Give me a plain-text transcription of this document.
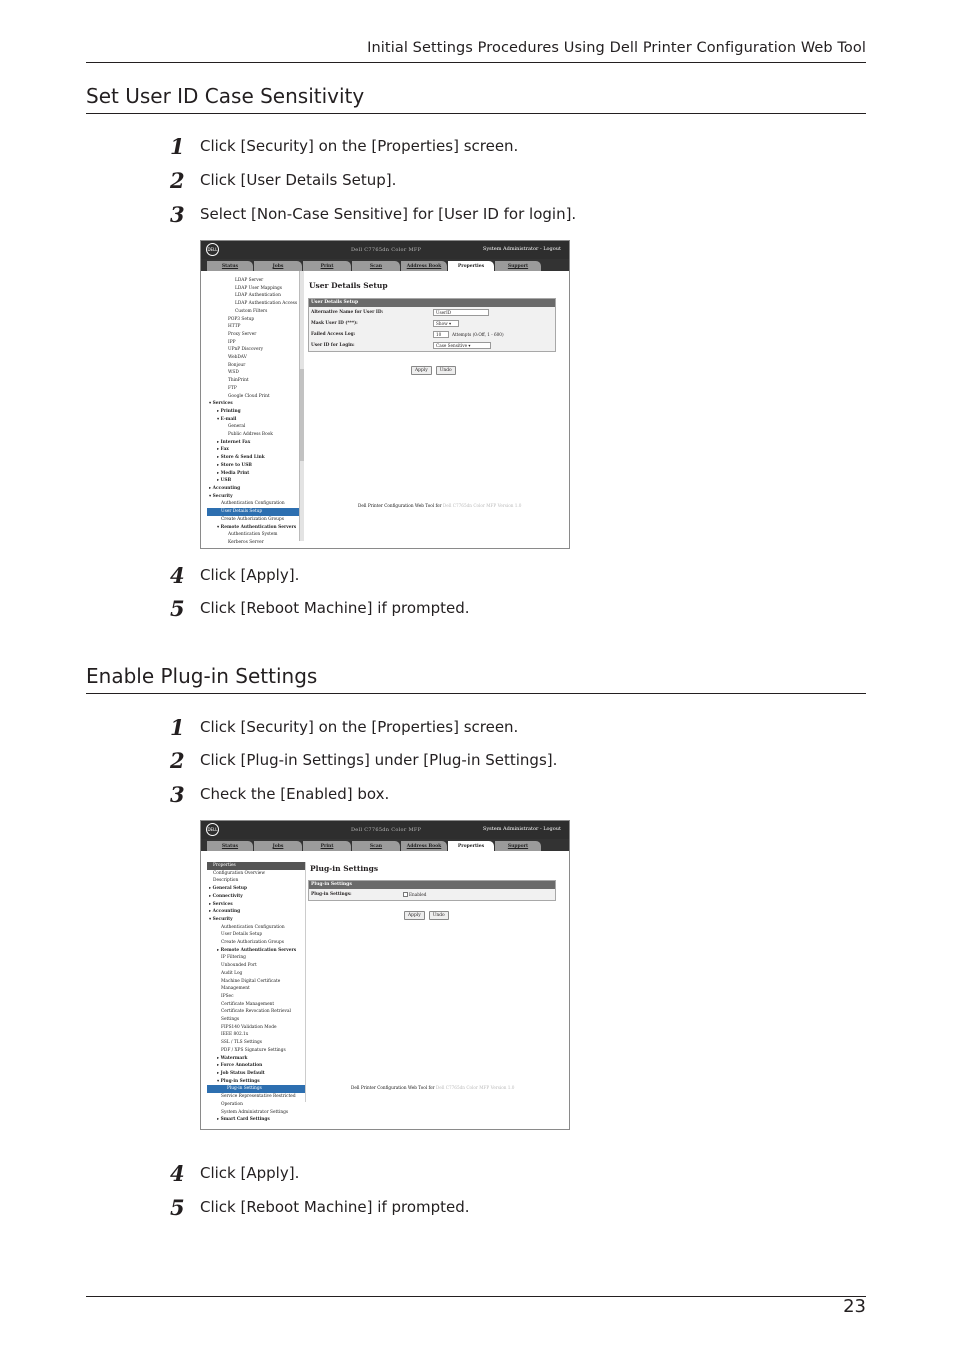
Initial Settings Procedures Using Dell Printer Configuration Web Tool
Set User ID Case Sensitivity
1	Click [Security] on the [Properties] screen.
2	Click [User Details Setup].
3	Select [Non-Case Sensitive] for [User ID for login].
DELL	Dell C7765dn Color MFP	System Administrator - Logout
Status	Jobs	Print	Scan	Address Book	Properties	Support
LDAP Server
LDAP User Mappings
LDAP Authentication
LDAP Authentication Access
Custom Filters
POP3 Setup
HTTP
Proxy Server
IPP
UPnP Discovery
WebDAV
Bonjour
WSD
ThinPrint
FTP
Google Cloud Print
▾ Services
▸ Printing
▾ E-mail
General
Public Address Book
▸ Internet Fax
▸ Fax
▸ Store & Send Link
▸ Store to USB
▸ Media Print
▸ USB
▸ Accounting
▾ Security
Authentication Configuration
User Details Setup
Create Authorization Groups
▾ Remote Authentication Servers
Authentication System
Kerberos Server
User Details Setup
User Details Setup
Alternative Name for User ID:	UserID
Mask User ID (***):	Show ▾
Failed Access Log:	10	Attempts (0:Off, 1 - 600)
User ID for Login:	Case Sensitive ▾
Apply	Undo
Dell Printer Configuration Web Tool for Dell C7765dn Color MFP Version 1.0
4	Click [Apply].
5	Click [Reboot Machine] if prompted.
Enable Plug-in Settings
1	Click [Security] on the [Properties] screen.
2	Click [Plug-in Settings] under [Plug-in Settings].
3	Check the [Enabled] box.
DELL	Dell C7765dn Color MFP	System Administrator - Logout
Status	Jobs	Print	Scan	Address Book	Properties	Support
Properties
Configuration Overview
Description
▸ General Setup
▸ Connectivity
▸ Services
▸ Accounting
▾ Security
Authentication Configuration
User Details Setup
Create Authorization Groups
▸ Remote Authentication Servers
IP Filtering
Unbounded Port
Audit Log
Machine Digital Certificate Management
IPSec
Certificate Management
Certificate Revocation Retrieval Settings
FIPS140 Validation Mode
IEEE 802.1x
SSL / TLS Settings
PDF / XPS Signature Settings
▸ Watermark
▸ Force Annotation
▸ Job Status Default
▾ Plug-in Settings
Plug-in Settings
Service Representative Restricted Operation
System Administrator Settings
▸ Smart Card Settings
Plug-in Settings
Plug-in Settings
Plug-in Settings:	Enabled
Apply	Undo
Dell Printer Configuration Web Tool for Dell C7765dn Color MFP Version 1.0
4	Click [Apply].
5	Click [Reboot Machine] if prompted.
23
